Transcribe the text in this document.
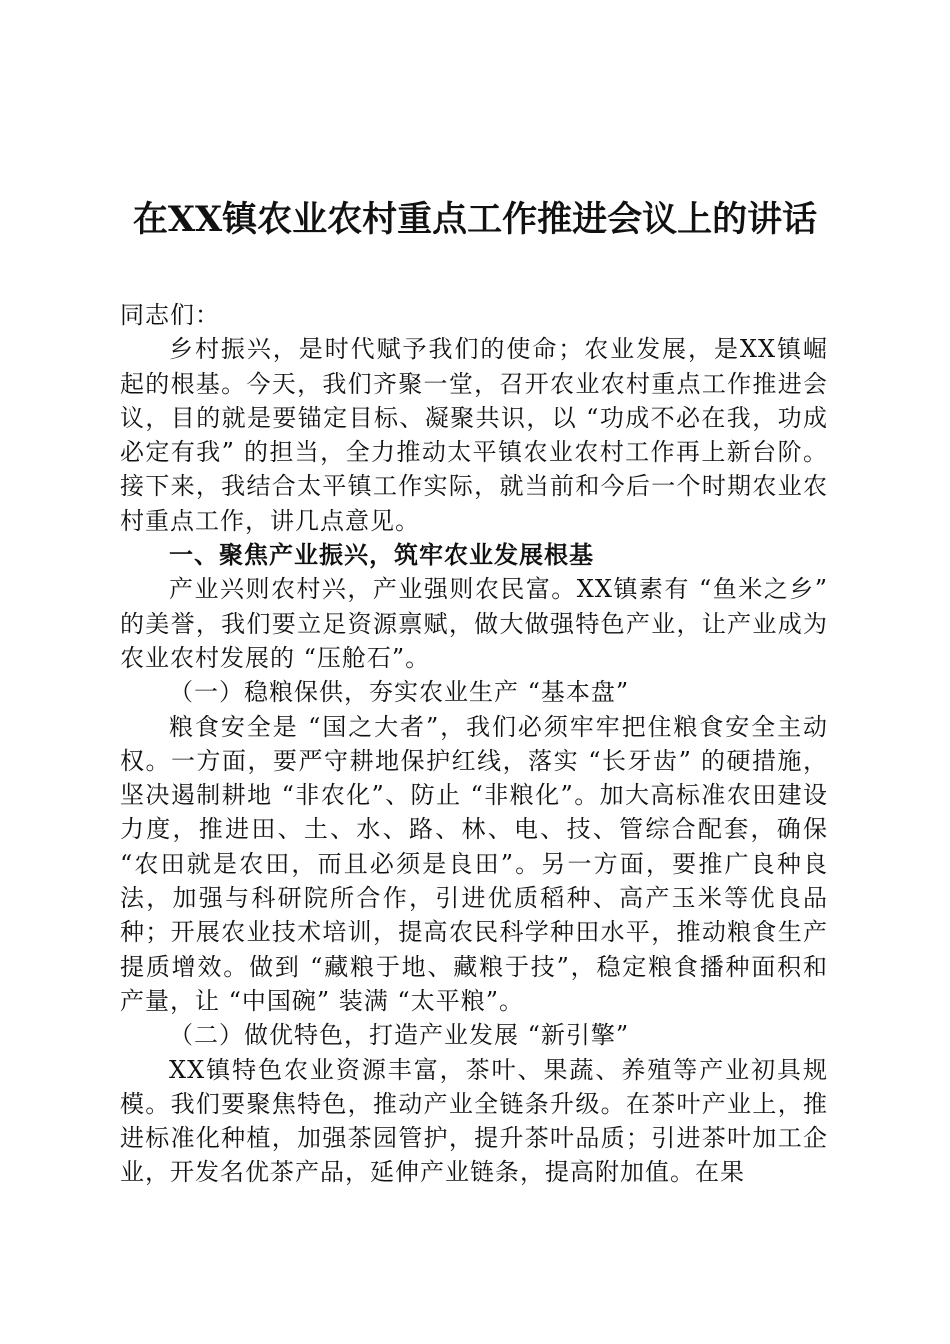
在XX镇农业农村重点工作推进会议上的讲话

同志们：

乡村振兴，是时代赋予我们的使命；农业发展，是XX镇崛起的根基。今天，我们齐聚一堂，召开农业农村重点工作推进会议，目的就是要锚定目标、凝聚共识，以 “功成不必在我，功成必定有我” 的担当，全力推动太平镇农业农村工作再上新台阶。接下来，我结合太平镇工作实际，就当前和今后一个时期农业农村重点工作，讲几点意见。

一、聚焦产业振兴，筑牢农业发展根基

产业兴则农村兴，产业强则农民富。XX镇素有 “鱼米之乡” 的美誉，我们要立足资源禀赋，做大做强特色产业，让产业成为农业农村发展的 “压舱石”。

（一）稳粮保供，夯实农业生产 “基本盘”

粮食安全是 “国之大者”，我们必须牢牢把住粮食安全主动权。一方面，要严守耕地保护红线，落实 “长牙齿” 的硬措施，坚决遏制耕地 “非农化”、防止 “非粮化”。加大高标准农田建设力度，推进田、土、水、路、林、电、技、管综合配套，确保 “农田就是农田，而且必须是良田”。另一方面，要推广良种良法，加强与科研院所合作，引进优质稻种、高产玉米等优良品种；开展农业技术培训，提高农民科学种田水平，推动粮食生产提质增效。做到 “藏粮于地、藏粮于技”，稳定粮食播种面积和产量，让 “中国碗” 装满 “太平粮”。

（二）做优特色，打造产业发展 “新引擎”

XX镇特色农业资源丰富，茶叶、果蔬、养殖等产业初具规模。我们要聚焦特色，推动产业全链条升级。在茶叶产业上，推进标准化种植，加强茶园管护，提升茶叶品质；引进茶叶加工企业，开发名优茶产品，延伸产业链条，提高附加值。在果
